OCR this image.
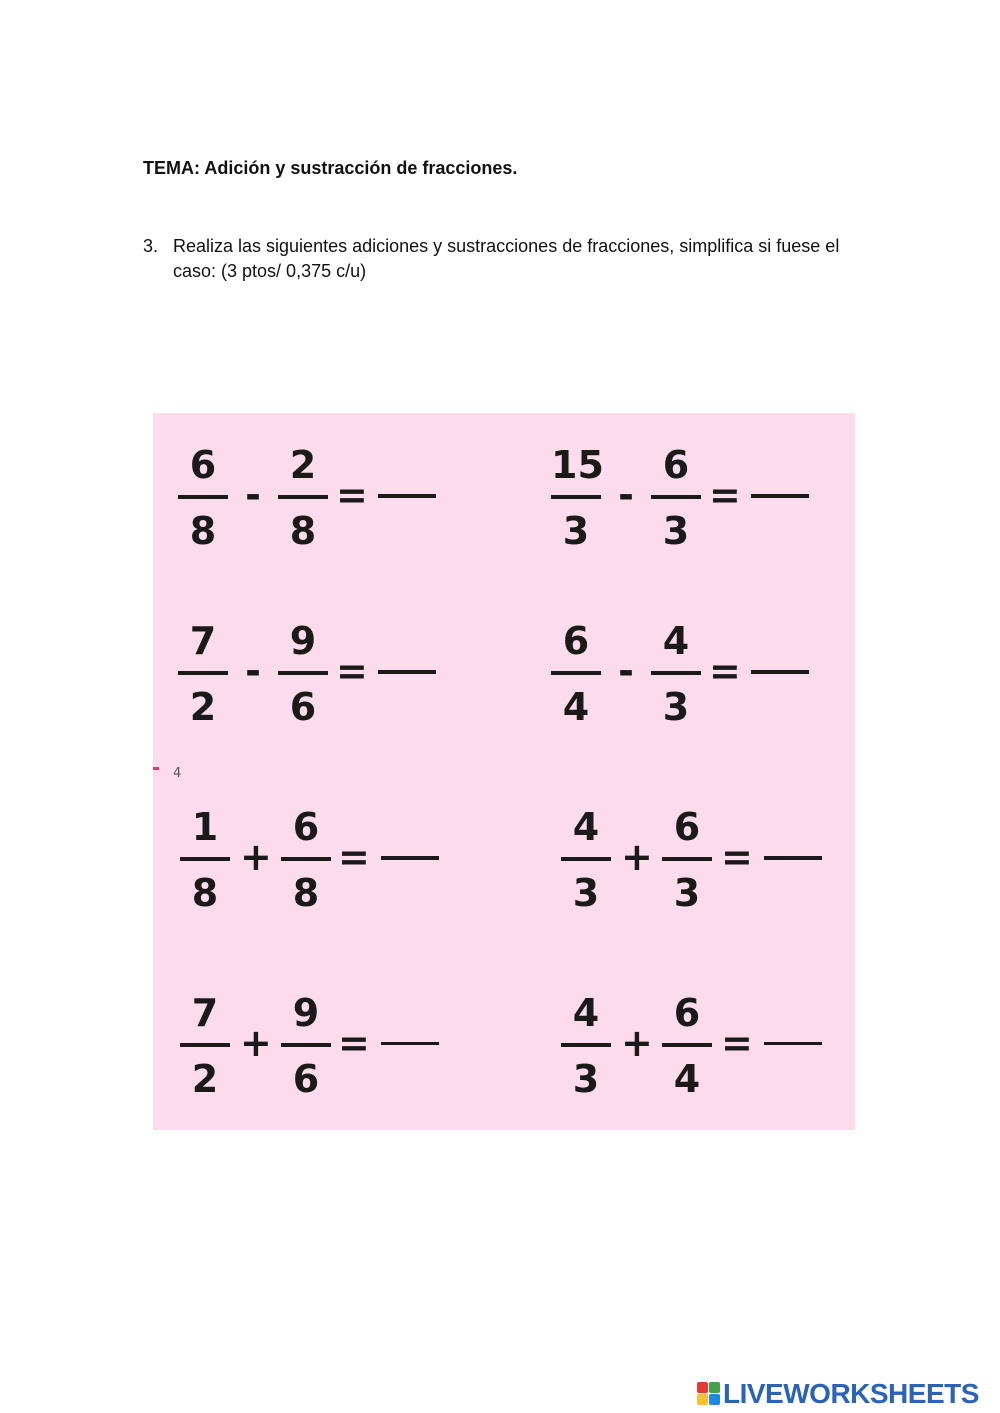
TEMA: Adición y sustracción de fracciones.
3. Realiza las siguientes adiciones y sustracciones de fracciones, simplifica si fuese el caso: (3 ptos/ 0,375 c/u)
6
8
-
2
8
=
15
3
-
6
3
=
7
2
-
9
6
=
6
4
-
4
3
=
4
1
8
+
6
8
=
4
3
+
6
3
=
7
2
+
9
6
=
4
3
+
6
4
=
LIVEWORKSHEETS
